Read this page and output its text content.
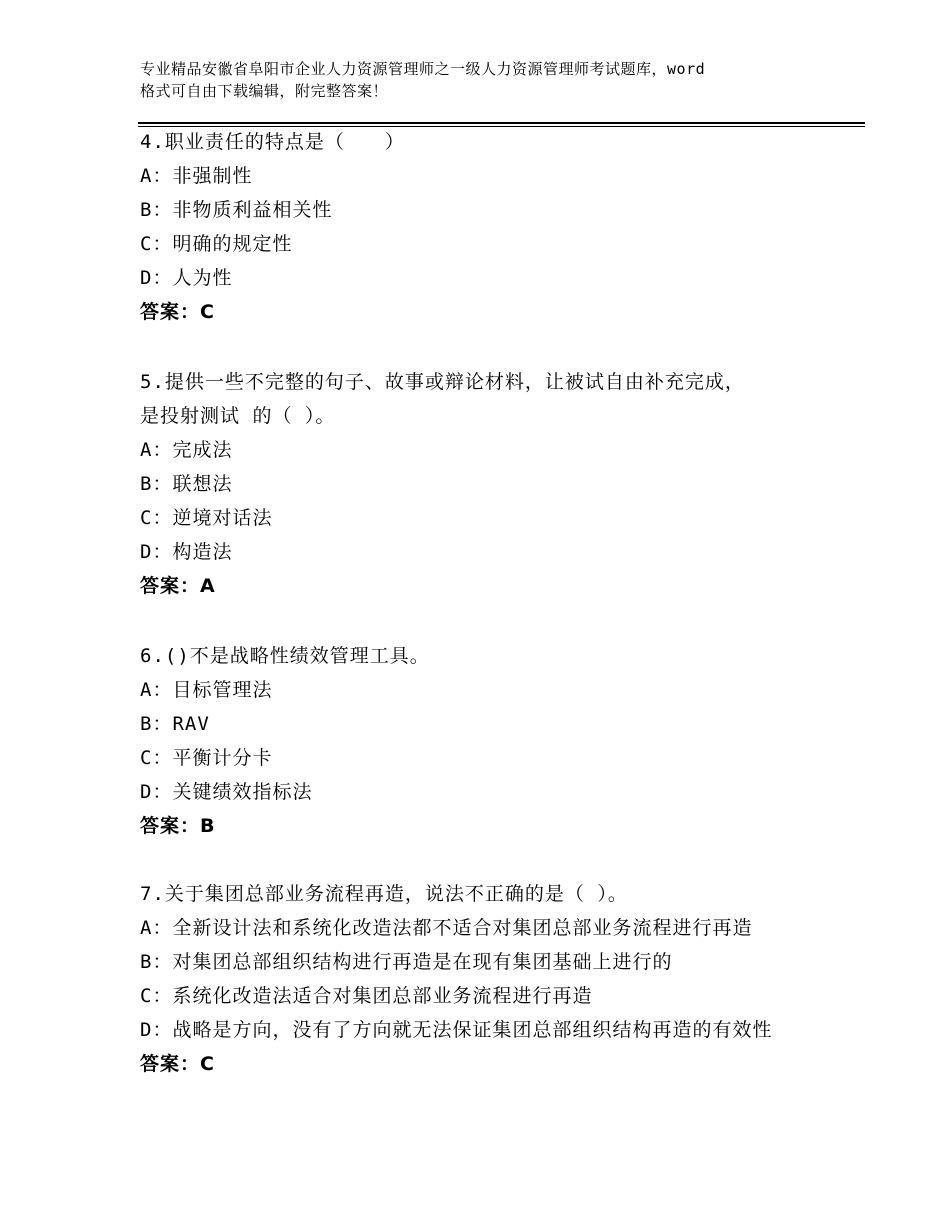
专业精品安徽省阜阳市企业人力资源管理师之一级人力资源管理师考试题库，word
格式可自由下载编辑，附完整答案！
4.职业责任的特点是（　　）
A：非强制性
B：非物质利益相关性
C：明确的规定性
D：人为性
答案：C
5.提供一些不完整的句子、故事或辩论材料，让被试自由补充完成，
是投射测试 的（ ）。
A：完成法
B：联想法
C：逆境对话法
D：构造法
答案：A
6.()不是战略性绩效管理工具。
A：目标管理法
B：RAV
C：平衡计分卡
D：关键绩效指标法
答案：B
7.关于集团总部业务流程再造，说法不正确的是（ ）。
A：全新设计法和系统化改造法都不适合对集团总部业务流程进行再造
B：对集团总部组织结构进行再造是在现有集团基础上进行的
C：系统化改造法适合对集团总部业务流程进行再造
D：战略是方向，没有了方向就无法保证集团总部组织结构再造的有效性
答案：C
